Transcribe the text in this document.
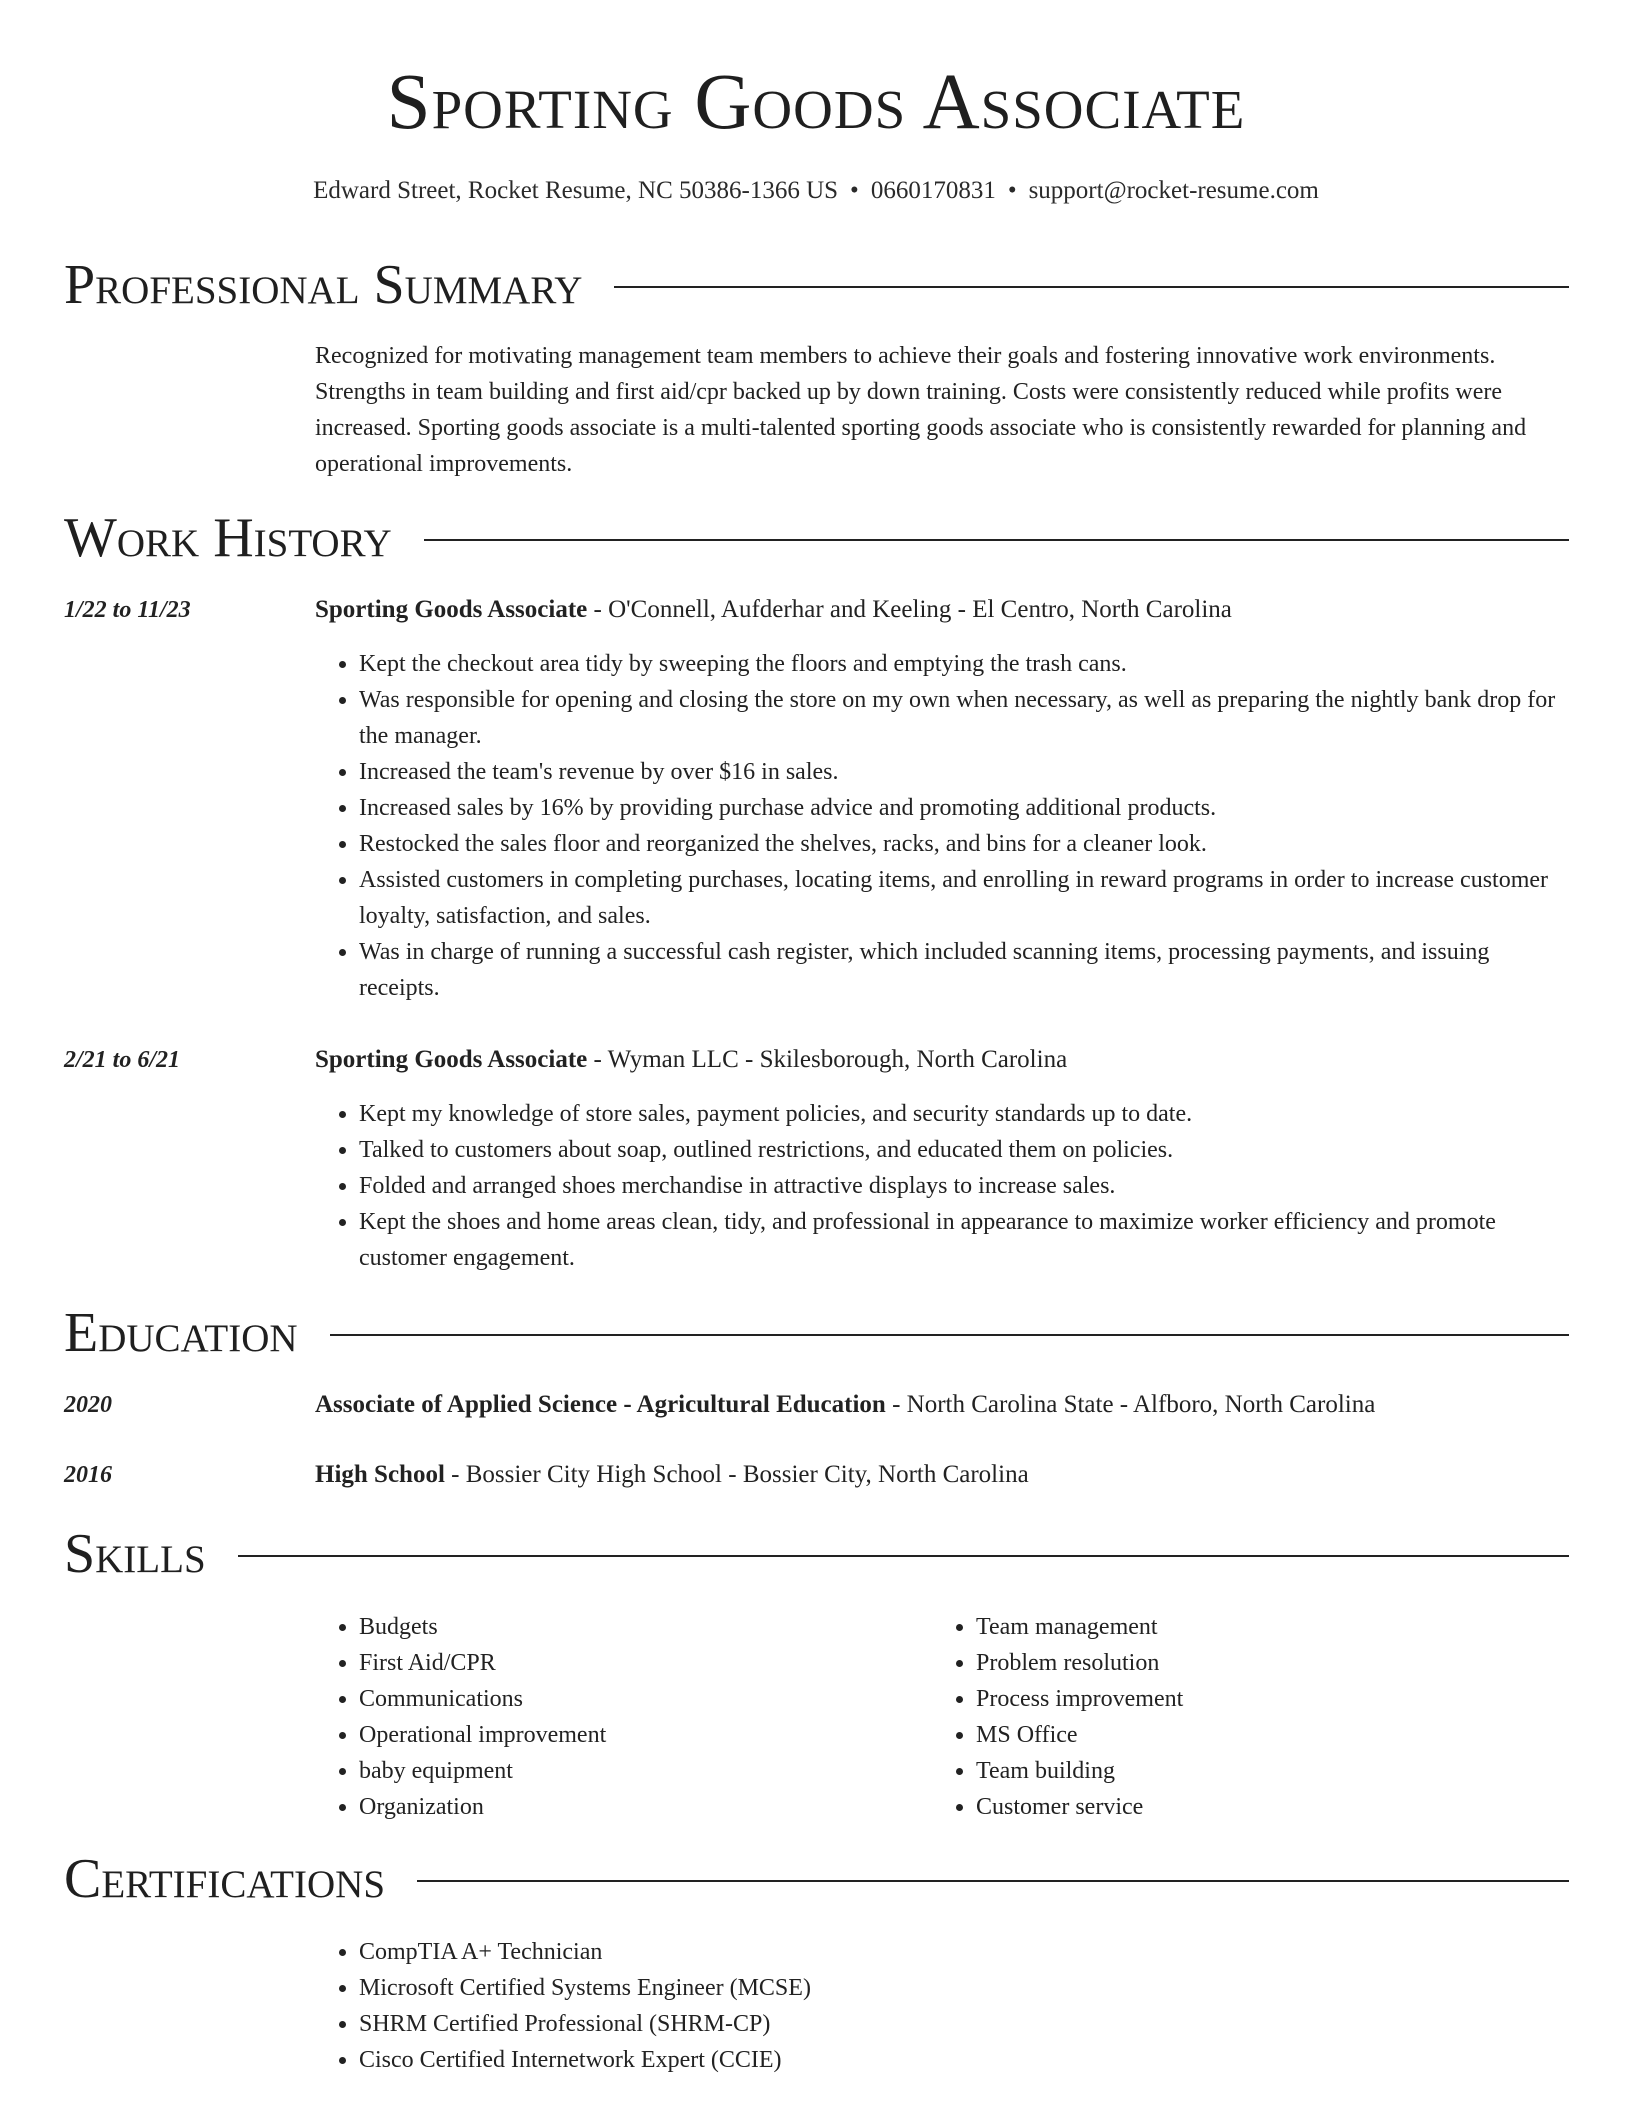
Sporting Goods Associate
Edward Street, Rocket Resume, NC 50386-1366 US • 0660170831 • support@rocket-resume.com
Professional Summary

Recognized for motivating management team members to achieve their goals and fostering innovative work environments. Strengths in team building and first aid/cpr backed up by down training. Costs were consistently reduced while profits were increased. Sporting goods associate is a multi-talented sporting goods associate who is consistently rewarded for planning and operational improvements.

Work History
1/22 to 11/23	Sporting Goods Associate - O'Connell, Aufderhar and Keeling - El Centro, North Carolina
• Kept the checkout area tidy by sweeping the floors and emptying the trash cans.
• Was responsible for opening and closing the store on my own when necessary, as well as preparing the nightly bank drop for the manager.
• Increased the team's revenue by over $16 in sales.
• Increased sales by 16% by providing purchase advice and promoting additional products.
• Restocked the sales floor and reorganized the shelves, racks, and bins for a cleaner look.
• Assisted customers in completing purchases, locating items, and enrolling in reward programs in order to increase customer loyalty, satisfaction, and sales.
• Was in charge of running a successful cash register, which included scanning items, processing payments, and issuing receipts.
2/21 to 6/21	Sporting Goods Associate - Wyman LLC - Skilesborough, North Carolina
• Kept my knowledge of store sales, payment policies, and security standards up to date.
• Talked to customers about soap, outlined restrictions, and educated them on policies.
• Folded and arranged shoes merchandise in attractive displays to increase sales.
• Kept the shoes and home areas clean, tidy, and professional in appearance to maximize worker efficiency and promote customer engagement.
Education
2020	Associate of Applied Science - Agricultural Education - North Carolina State - Alfboro, North Carolina
2016	High School - Bossier City High School - Bossier City, North Carolina
Skills
• Budgets
• First Aid/CPR
• Communications
• Operational improvement
• baby equipment
• Organization
• Team management
• Problem resolution
• Process improvement
• MS Office
• Team building
• Customer service
Certifications
• CompTIA A+ Technician
• Microsoft Certified Systems Engineer (MCSE)
• SHRM Certified Professional (SHRM-CP)
• Cisco Certified Internetwork Expert (CCIE)
